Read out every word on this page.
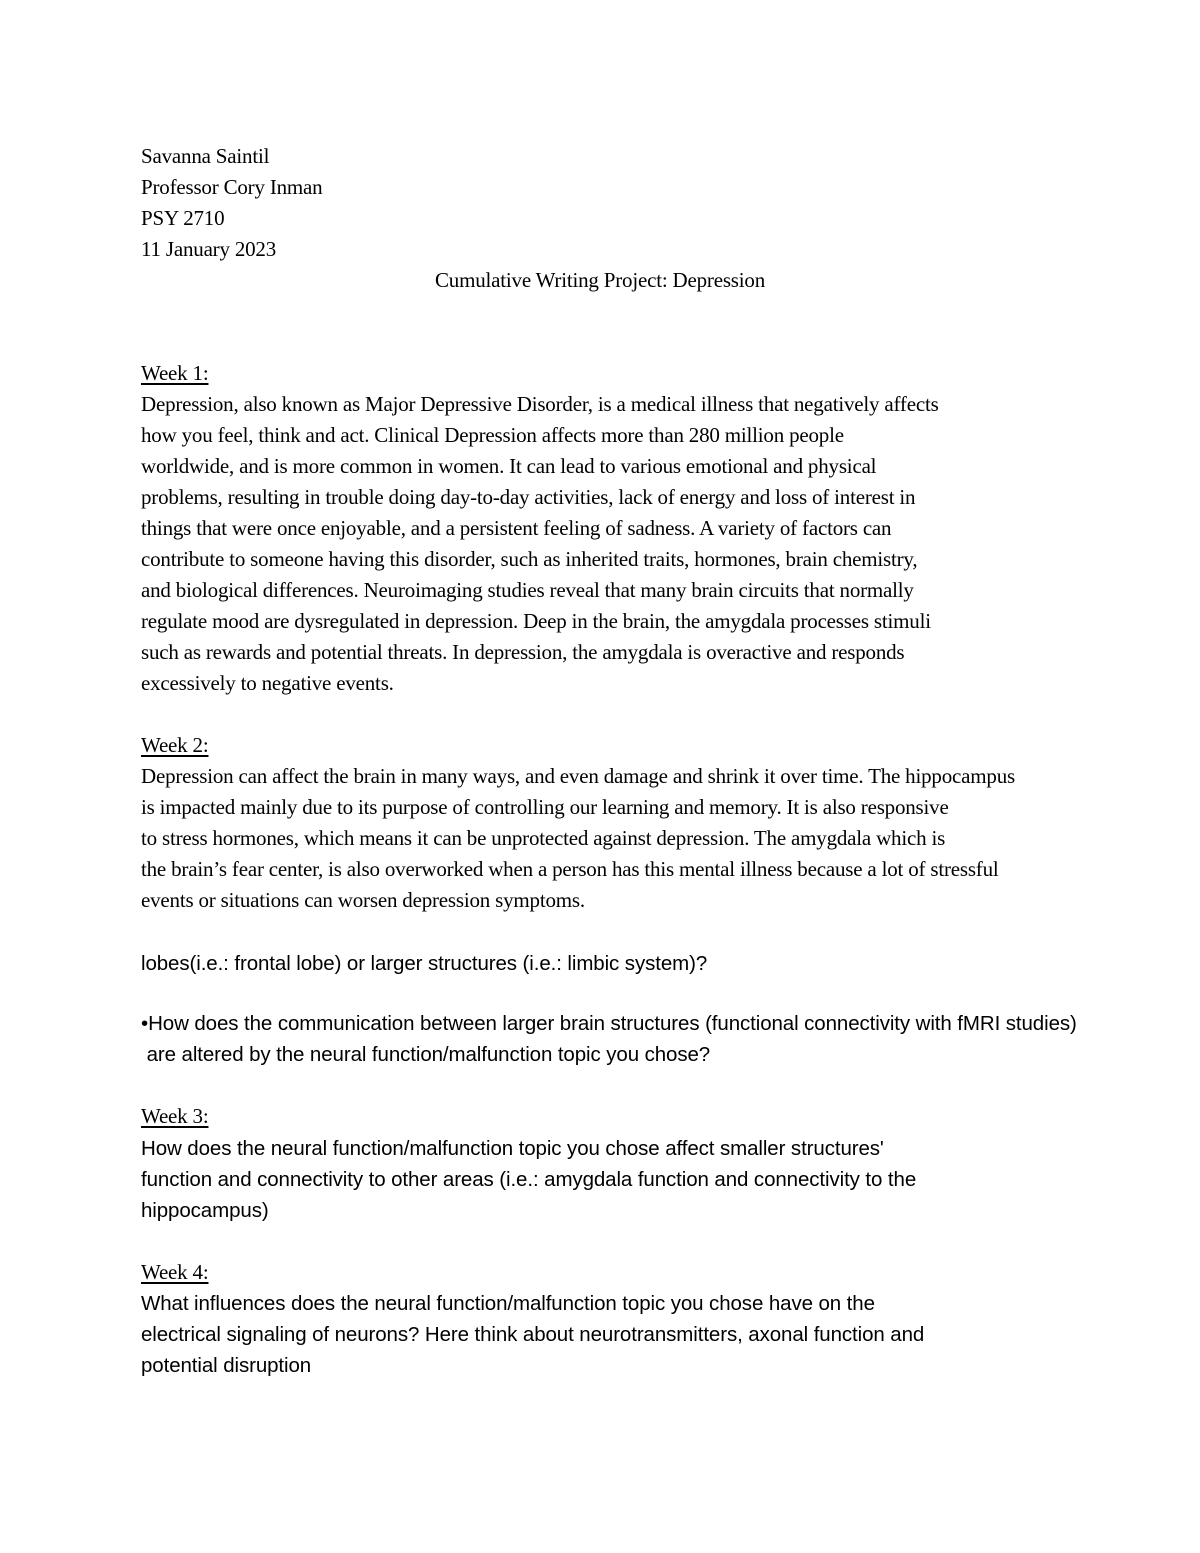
Savanna Saintil
Professor Cory Inman
PSY 2710
11 January 2023
Cumulative Writing Project: Depression
Week 1:
Depression, also known as Major Depressive Disorder, is a medical illness that negatively affects
how you feel, think and act. Clinical Depression affects more than 280 million people
worldwide, and is more common in women. It can lead to various emotional and physical
problems, resulting in trouble doing day-to-day activities, lack of energy and loss of interest in
things that were once enjoyable, and a persistent feeling of sadness. A variety of factors can
contribute to someone having this disorder, such as inherited traits, hormones, brain chemistry,
and biological differences. Neuroimaging studies reveal that many brain circuits that normally
regulate mood are dysregulated in depression. Deep in the brain, the amygdala processes stimuli
such as rewards and potential threats. In depression, the amygdala is overactive and responds
excessively to negative events.
Week 2:
Depression can affect the brain in many ways, and even damage and shrink it over time. The hippocampus
is impacted mainly due to its purpose of controlling our learning and memory. It is also responsive
to stress hormones, which means it can be unprotected against depression. The amygdala which is
the brain’s fear center, is also overworked when a person has this mental illness because a lot of stressful
events or situations can worsen depression symptoms.
lobes(i.e.: frontal lobe) or larger structures (i.e.: limbic system)?
•How does the communication between larger brain structures (functional connectivity with fMRI studies)
are altered by the neural function/malfunction topic you chose?
Week 3:
How does the neural function/malfunction topic you chose affect smaller structures'
function and connectivity to other areas (i.e.: amygdala function and connectivity to the
hippocampus)
Week 4:
What influences does the neural function/malfunction topic you chose have on the
electrical signaling of neurons? Here think about neurotransmitters, axonal function and
potential disruption
